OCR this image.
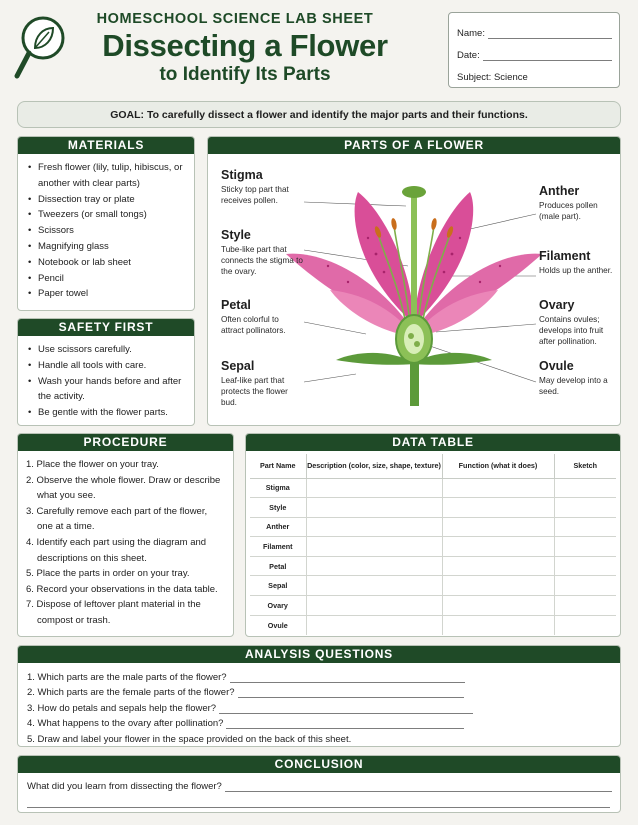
HOMESCHOOL SCIENCE LAB SHEET
Dissecting a Flower
to Identify Its Parts
Name:
Date:
Subject: Science
GOAL: To carefully dissect a flower and identify the major parts and their functions.
MATERIALS
• Fresh flower (lily, tulip, hibiscus, or another with clear parts)
• Dissection tray or plate
• Tweezers (or small tongs)
• Scissors
• Magnifying glass
• Notebook or lab sheet
• Pencil
• Paper towel
SAFETY FIRST
• Use scissors carefully.
• Handle all tools with care.
• Wash your hands before and after the activity.
• Be gentle with the flower parts.
PARTS OF A FLOWER
Stigma
Sticky top part that receives pollen.
Style
Tube-like part that connects the stigma to the ovary.
Petal
Often colorful to attract pollinators.
Sepal
Leaf-like part that protects the flower bud.
Anther
Produces pollen (male part).
Filament
Holds up the anther.
Ovary
Contains ovules; develops into fruit after pollination.
Ovule
May develop into a seed.
PROCEDURE
1. Place the flower on your tray.
2. Observe the whole flower. Draw or describe what you see.
3. Carefully remove each part of the flower, one at a time.
4. Identify each part using the diagram and descriptions on this sheet.
5. Place the parts in order on your tray.
6. Record your observations in the data table.
7. Dispose of leftover plant material in the compost or trash.
DATA TABLE
Part Name	Description (color, size, shape, texture)	Function (what it does)	Sketch
Stigma			
Style			
Anther			
Filament			
Petal			
Sepal			
Ovary			
Ovule			
ANALYSIS QUESTIONS
1. Which parts are the male parts of the flower?
2. Which parts are the female parts of the flower?
3. How do petals and sepals help the flower?
4. What happens to the ovary after pollination?
5. Draw and label your flower in the space provided on the back of this sheet.
CONCLUSION
What did you learn from dissecting the flower?
